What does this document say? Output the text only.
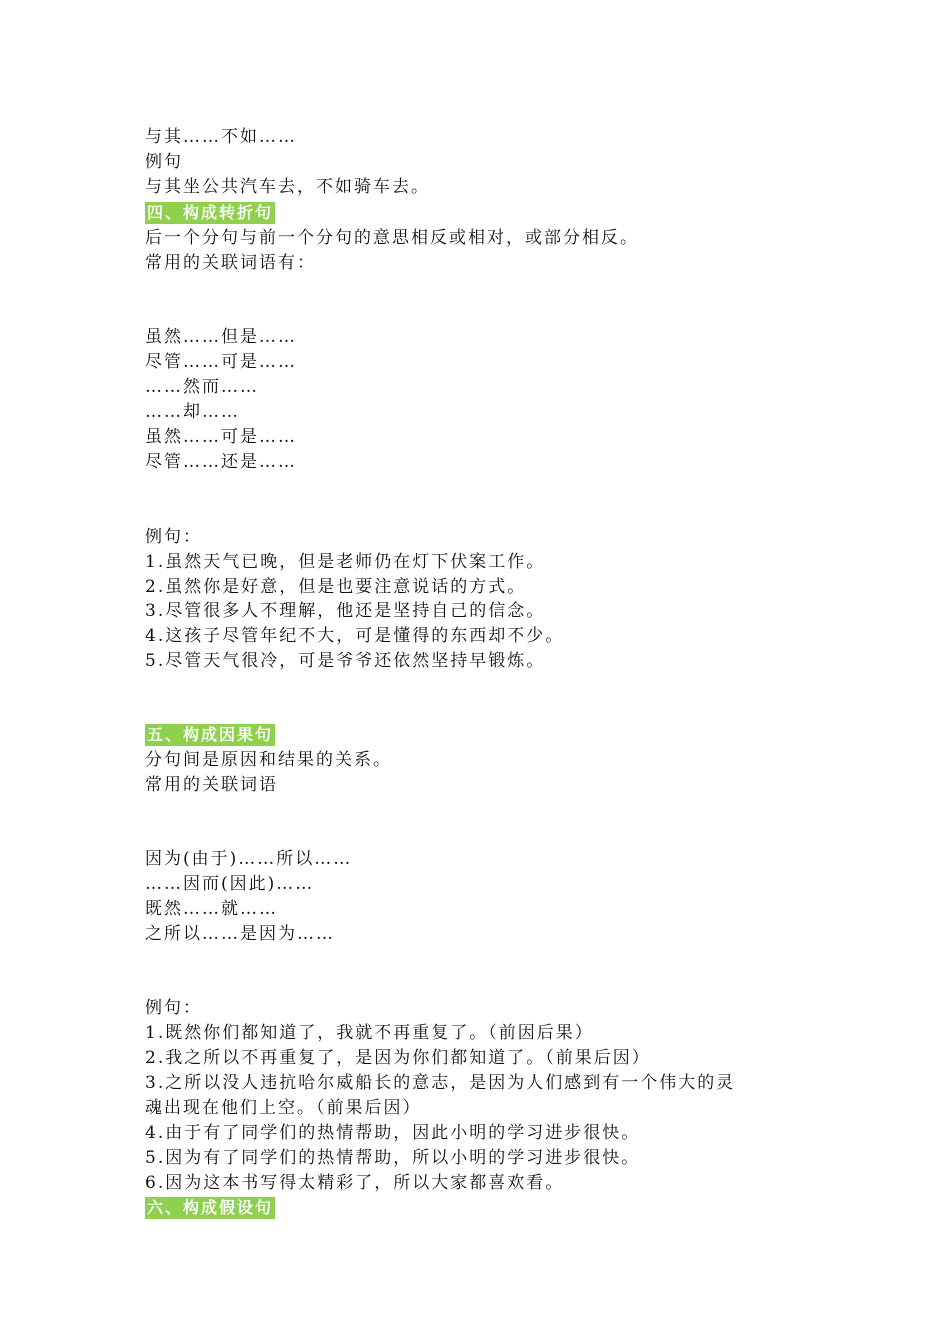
与其……不如……
例句
与其坐公共汽车去，不如骑车去。
四、构成转折句
后一个分句与前一个分句的意思相反或相对，或部分相反。
常用的关联词语有：
虽然……但是……
尽管……可是……
……然而……
……却……
虽然……可是……
尽管……还是……
例句：
1.虽然天气已晚，但是老师仍在灯下伏案工作。
2.虽然你是好意，但是也要注意说话的方式。
3.尽管很多人不理解，他还是坚持自己的信念。
4.这孩子尽管年纪不大，可是懂得的东西却不少。
5.尽管天气很冷，可是爷爷还依然坚持早锻炼。
五、构成因果句
分句间是原因和结果的关系。
常用的关联词语
因为(由于)……所以……
……因而(因此)……
既然……就……
之所以……是因为……
例句：
1.既然你们都知道了，我就不再重复了。（前因后果）
2.我之所以不再重复了，是因为你们都知道了。（前果后因）
3.之所以没人违抗哈尔威船长的意志，是因为人们感到有一个伟大的灵
魂出现在他们上空。（前果后因）
4.由于有了同学们的热情帮助，因此小明的学习进步很快。
5.因为有了同学们的热情帮助，所以小明的学习进步很快。
6.因为这本书写得太精彩了，所以大家都喜欢看。
六、构成假设句
